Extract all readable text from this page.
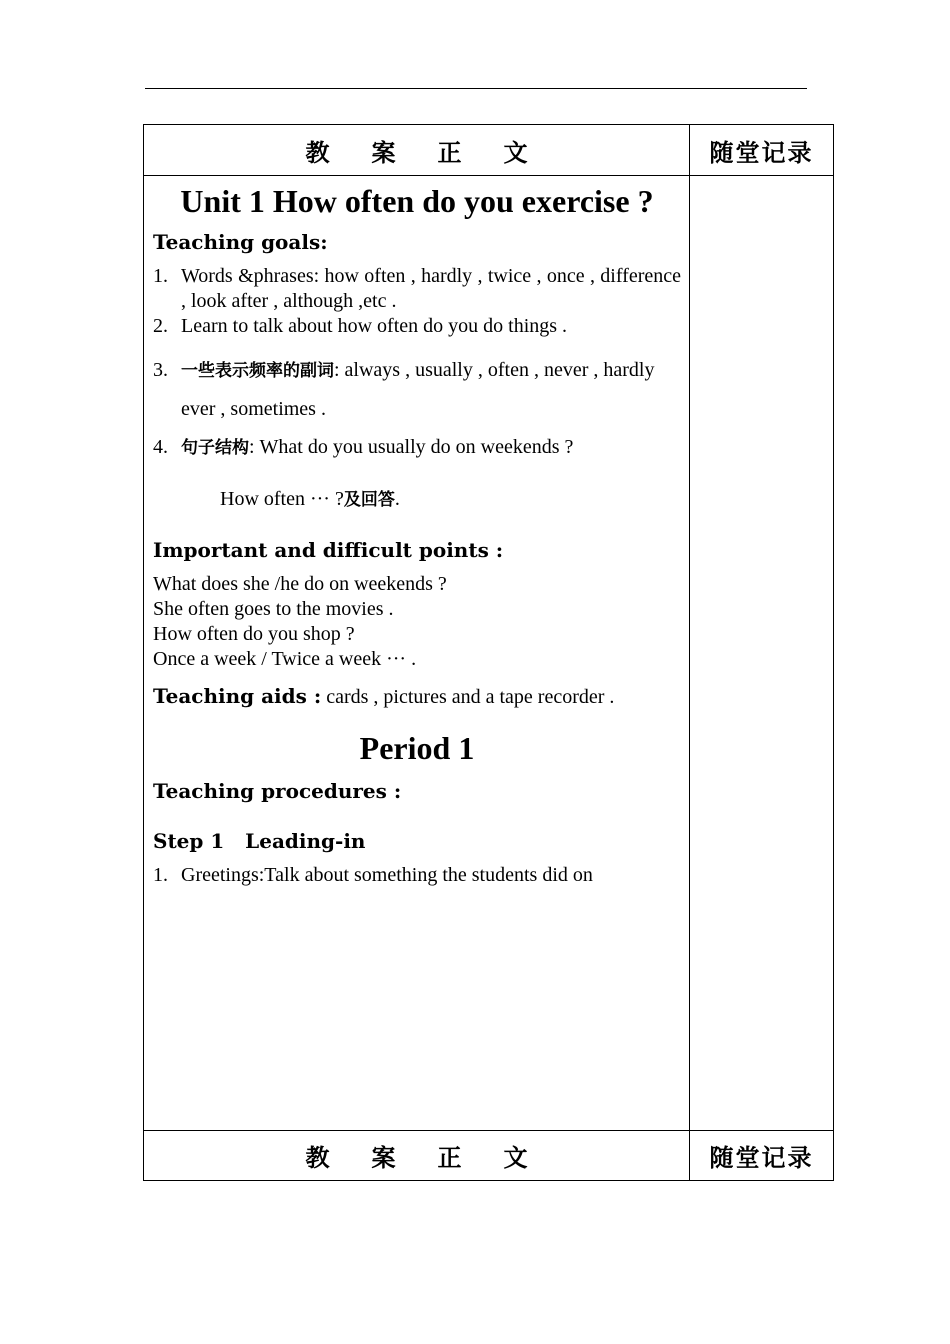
教 案 正 文	随堂记录
Unit 1 How often do you exercise ?
Teaching goals:
1. Words &phrases: how often , hardly , twice , once , difference , look after , although ,etc .
2. Learn to talk about how often do you do things .
3. 一些表示频率的副词: always , usually , often , never , hardly ever , sometimes .
4. 句子结构: What do you usually do on weekends ?
How often ··· ?及回答.
Important and difficult points :
What does she /he do on weekends ?
She often goes to the movies .
How often do you shop ?
Once a week / Twice a week ··· .
Teaching aids : cards , pictures and a tape recorder .
Period 1
Teaching procedures :
Step 1   Leading-in
1. Greetings:Talk about something the students did on
教 案 正 文	随堂记录
